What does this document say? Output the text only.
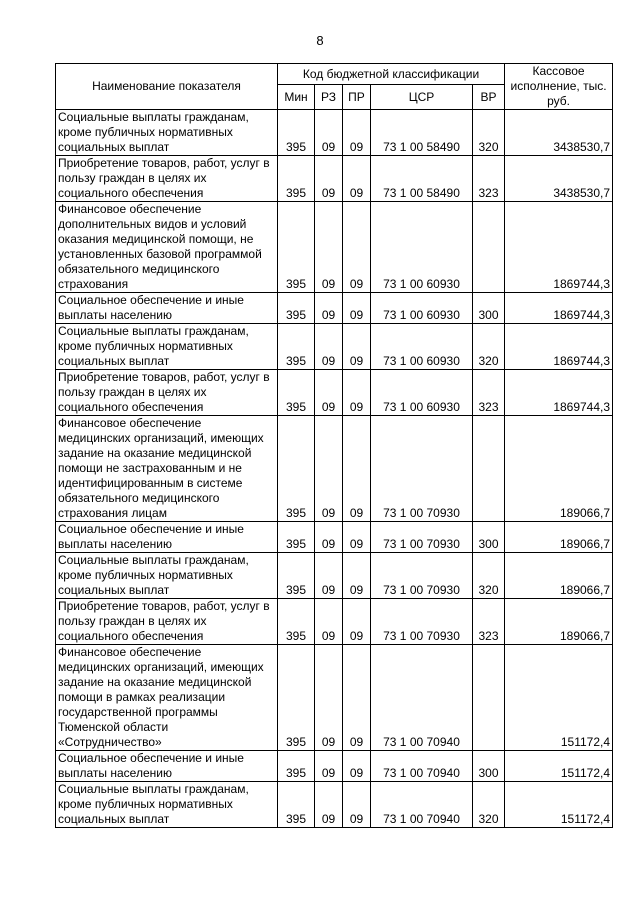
8
Наименование показателя	Код бюджетной классификации					Кассовое исполнение, тыс. руб.
	Мин	РЗ	ПР	ЦСР	ВР	
Социальные выплаты гражданам, кроме публичных нормативных социальных выплат	395	09	09	73 1 00 58490	320	3438530,7
Приобретение товаров, работ, услуг в пользу граждан в целях их социального обеспечения	395	09	09	73 1 00 58490	323	3438530,7
Финансовое обеспечение дополнительных видов и условий оказания медицинской помощи, не установленных базовой программой обязательного медицинского страхования	395	09	09	73 1 00 60930		1869744,3
Социальное обеспечение и иные выплаты населению	395	09	09	73 1 00 60930	300	1869744,3
Социальные выплаты гражданам, кроме публичных нормативных социальных выплат	395	09	09	73 1 00 60930	320	1869744,3
Приобретение товаров, работ, услуг в пользу граждан в целях их социального обеспечения	395	09	09	73 1 00 60930	323	1869744,3
Финансовое обеспечение медицинских организаций, имеющих задание на оказание медицинской помощи не застрахованным и не идентифицированным в системе обязательного медицинского страхования лицам	395	09	09	73 1 00 70930		189066,7
Социальное обеспечение и иные выплаты населению	395	09	09	73 1 00 70930	300	189066,7
Социальные выплаты гражданам, кроме публичных нормативных социальных выплат	395	09	09	73 1 00 70930	320	189066,7
Приобретение товаров, работ, услуг в пользу граждан в целях их социального обеспечения	395	09	09	73 1 00 70930	323	189066,7
Финансовое обеспечение медицинских организаций, имеющих задание на оказание медицинской помощи в рамках реализации государственной программы Тюменской области «Сотрудничество»	395	09	09	73 1 00 70940		151172,4
Социальное обеспечение и иные выплаты населению	395	09	09	73 1 00 70940	300	151172,4
Социальные выплаты гражданам, кроме публичных нормативных социальных выплат	395	09	09	73 1 00 70940	320	151172,4
